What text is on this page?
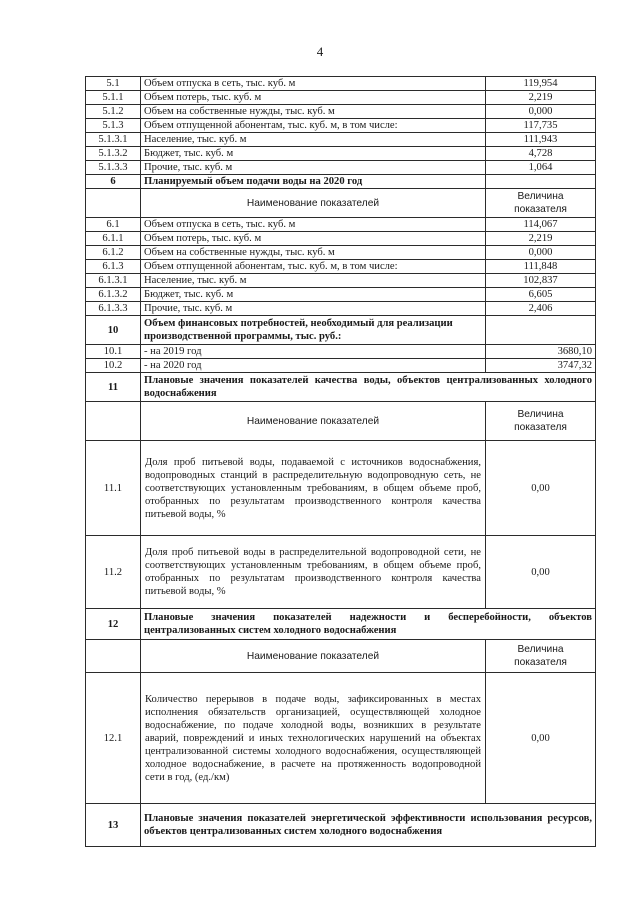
4
5.1	Объем отпуска в сеть, тыс. куб. м	119,954
5.1.1	Объем потерь, тыс. куб. м	2,219
5.1.2	Объем на собственные нужды, тыс. куб. м	0,000
5.1.3	Объем отпущенной абонентам, тыс. куб. м, в том числе:	117,735
5.1.3.1	Население, тыс. куб. м	111,943
5.1.3.2	Бюджет, тыс. куб. м	4,728
5.1.3.3	Прочие, тыс. куб. м	1,064
6	Планируемый объем подачи воды на 2020 год	
	Наименование показателей	Величина показателя
6.1	Объем отпуска в сеть, тыс. куб. м	114,067
6.1.1	Объем потерь, тыс. куб. м	2,219
6.1.2	Объем на собственные нужды, тыс. куб. м	0,000
6.1.3	Объем отпущенной абонентам, тыс. куб. м, в том числе:	111,848
6.1.3.1	Население, тыс. куб. м	102,837
6.1.3.2	Бюджет, тыс. куб. м	6,605
6.1.3.3	Прочие, тыс. куб. м	2,406
10	Объем финансовых потребностей, необходимый для реализации производственной программы, тыс. руб.:	
10.1	- на 2019 год	3680,10
10.2	- на 2020 год	3747,32
11	Плановые значения показателей качества воды, объектов централизованных холодного водоснабжения	
	Наименование показателей	Величина показателя
11.1	Доля проб питьевой воды, подаваемой с источников водоснабжения, водопроводных станций в распределительную водопроводную сеть, не соответствующих установленным требованиям, в общем объеме проб, отобранных по результатам производственного контроля качества питьевой воды, %	0,00
11.2	Доля проб питьевой воды в распределительной водопроводной сети, не соответствующих установленным требованиям, в общем объеме проб, отобранных по результатам производственного контроля качества питьевой воды, %	0,00
12	Плановые значения показателей надежности и бесперебойности, объектов централизованных систем холодного водоснабжения	
	Наименование показателей	Величина показателя
12.1	Количество перерывов в подаче воды, зафиксированных в местах исполнения обязательств организацией, осуществляющей холодное водоснабжение, по подаче холодной воды, возникших в результате аварий, повреждений и иных технологических нарушений на объектах централизованной системы холодного водоснабжения, осуществляющей холодное водоснабжение, в расчете на протяженность водопроводной сети в год, (ед./км)	0,00
13	Плановые значения показателей энергетической эффективности использования ресурсов, объектов централизованных систем холодного водоснабжения	
